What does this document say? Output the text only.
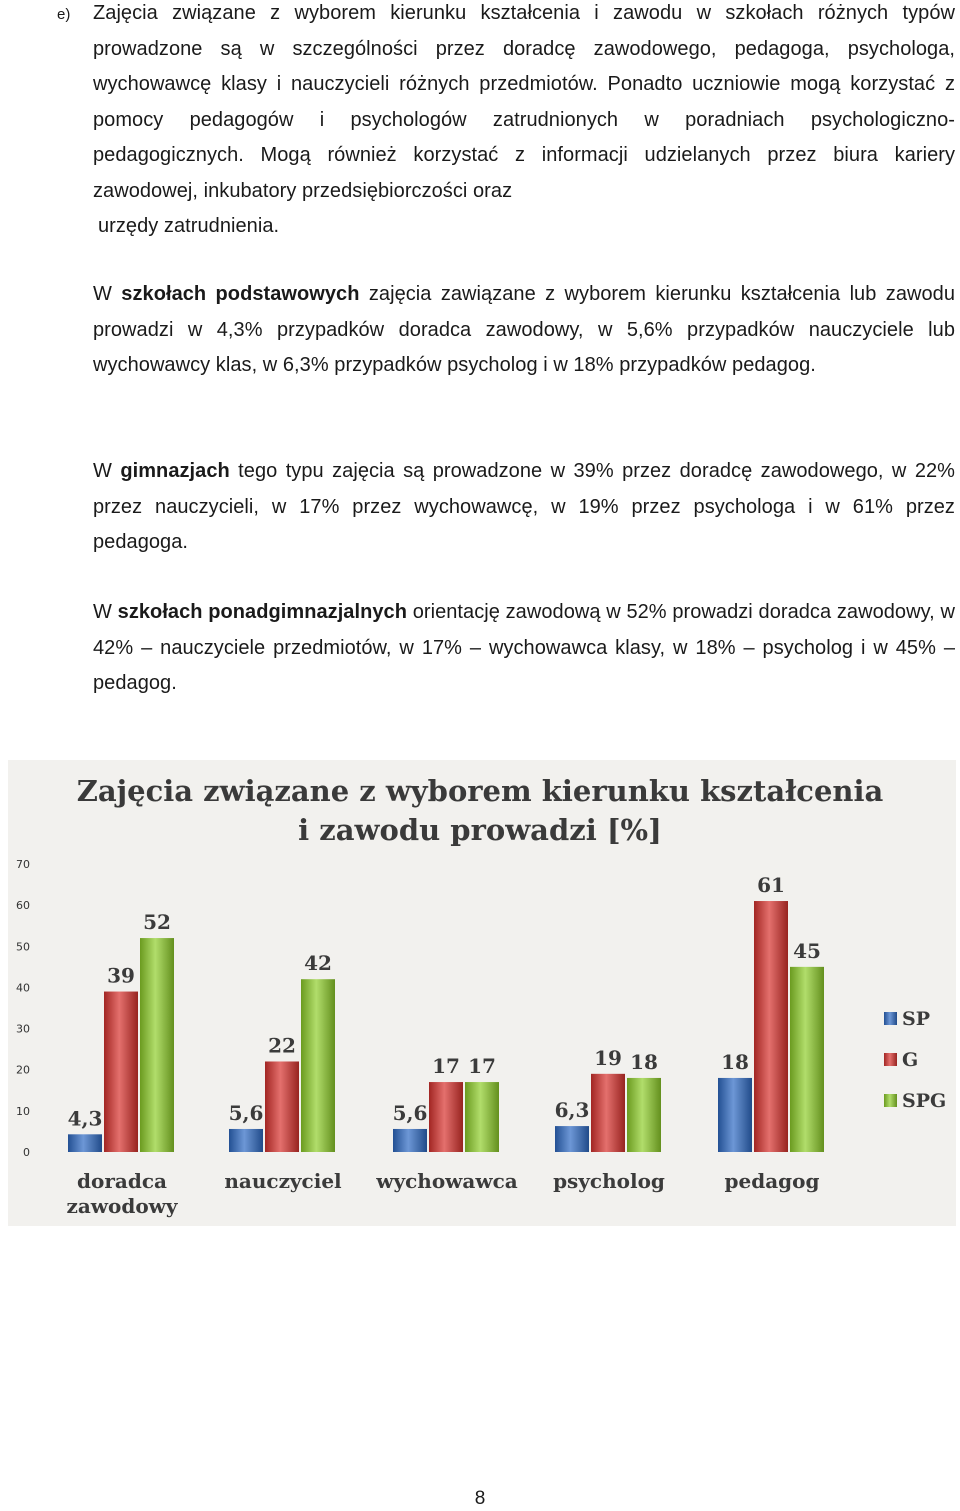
e) Zajęcia związane z wyborem kierunku kształcenia i zawodu w szkołach różnych typów prowadzone są w szczególności przez doradcę zawodowego, pedagoga, psychologa, wychowawcę klasy i nauczycieli różnych przedmiotów. Ponadto uczniowie mogą korzystać z pomocy pedagogów i psychologów zatrudnionych w poradniach psychologiczno-pedagogicznych. Mogą również korzystać z informacji udzielanych przez biura kariery zawodowej, inkubatory przedsiębiorczości oraz
urzędy zatrudnienia.

W szkołach podstawowych zajęcia zawiązane z wyborem kierunku kształcenia lub zawodu prowadzi w 4,3% przypadków doradca zawodowy, w 5,6% przypadków nauczyciele lub wychowawcy klas, w 6,3% przypadków psycholog i w 18% przypadków pedagog.

W gimnazjach tego typu zajęcia są prowadzone w 39% przez doradcę zawodowego, w 22% przez nauczycieli, w 17% przez wychowawcę, w 19% przez psychologa i w 61% przez pedagoga.

W szkołach ponadgimnazjalnych orientację zawodową w 52% prowadzi doradca zawodowy, w 42% – nauczyciele przedmiotów, w 17% – wychowawca klasy, w 18% – psycholog i w 45% – pedagog.

Zajęcia związane z wyborem kierunku kształcenia
i zawodu prowadzi [%]
0
10
20
30
40
50
60
70
4,3
39
52
doradca
zawodowy
5,6
22
42
nauczyciel
5,6
17 17
wychowawca
6,3
19 18
psycholog
18
61
45
pedagog
SP
G
SPG
8
